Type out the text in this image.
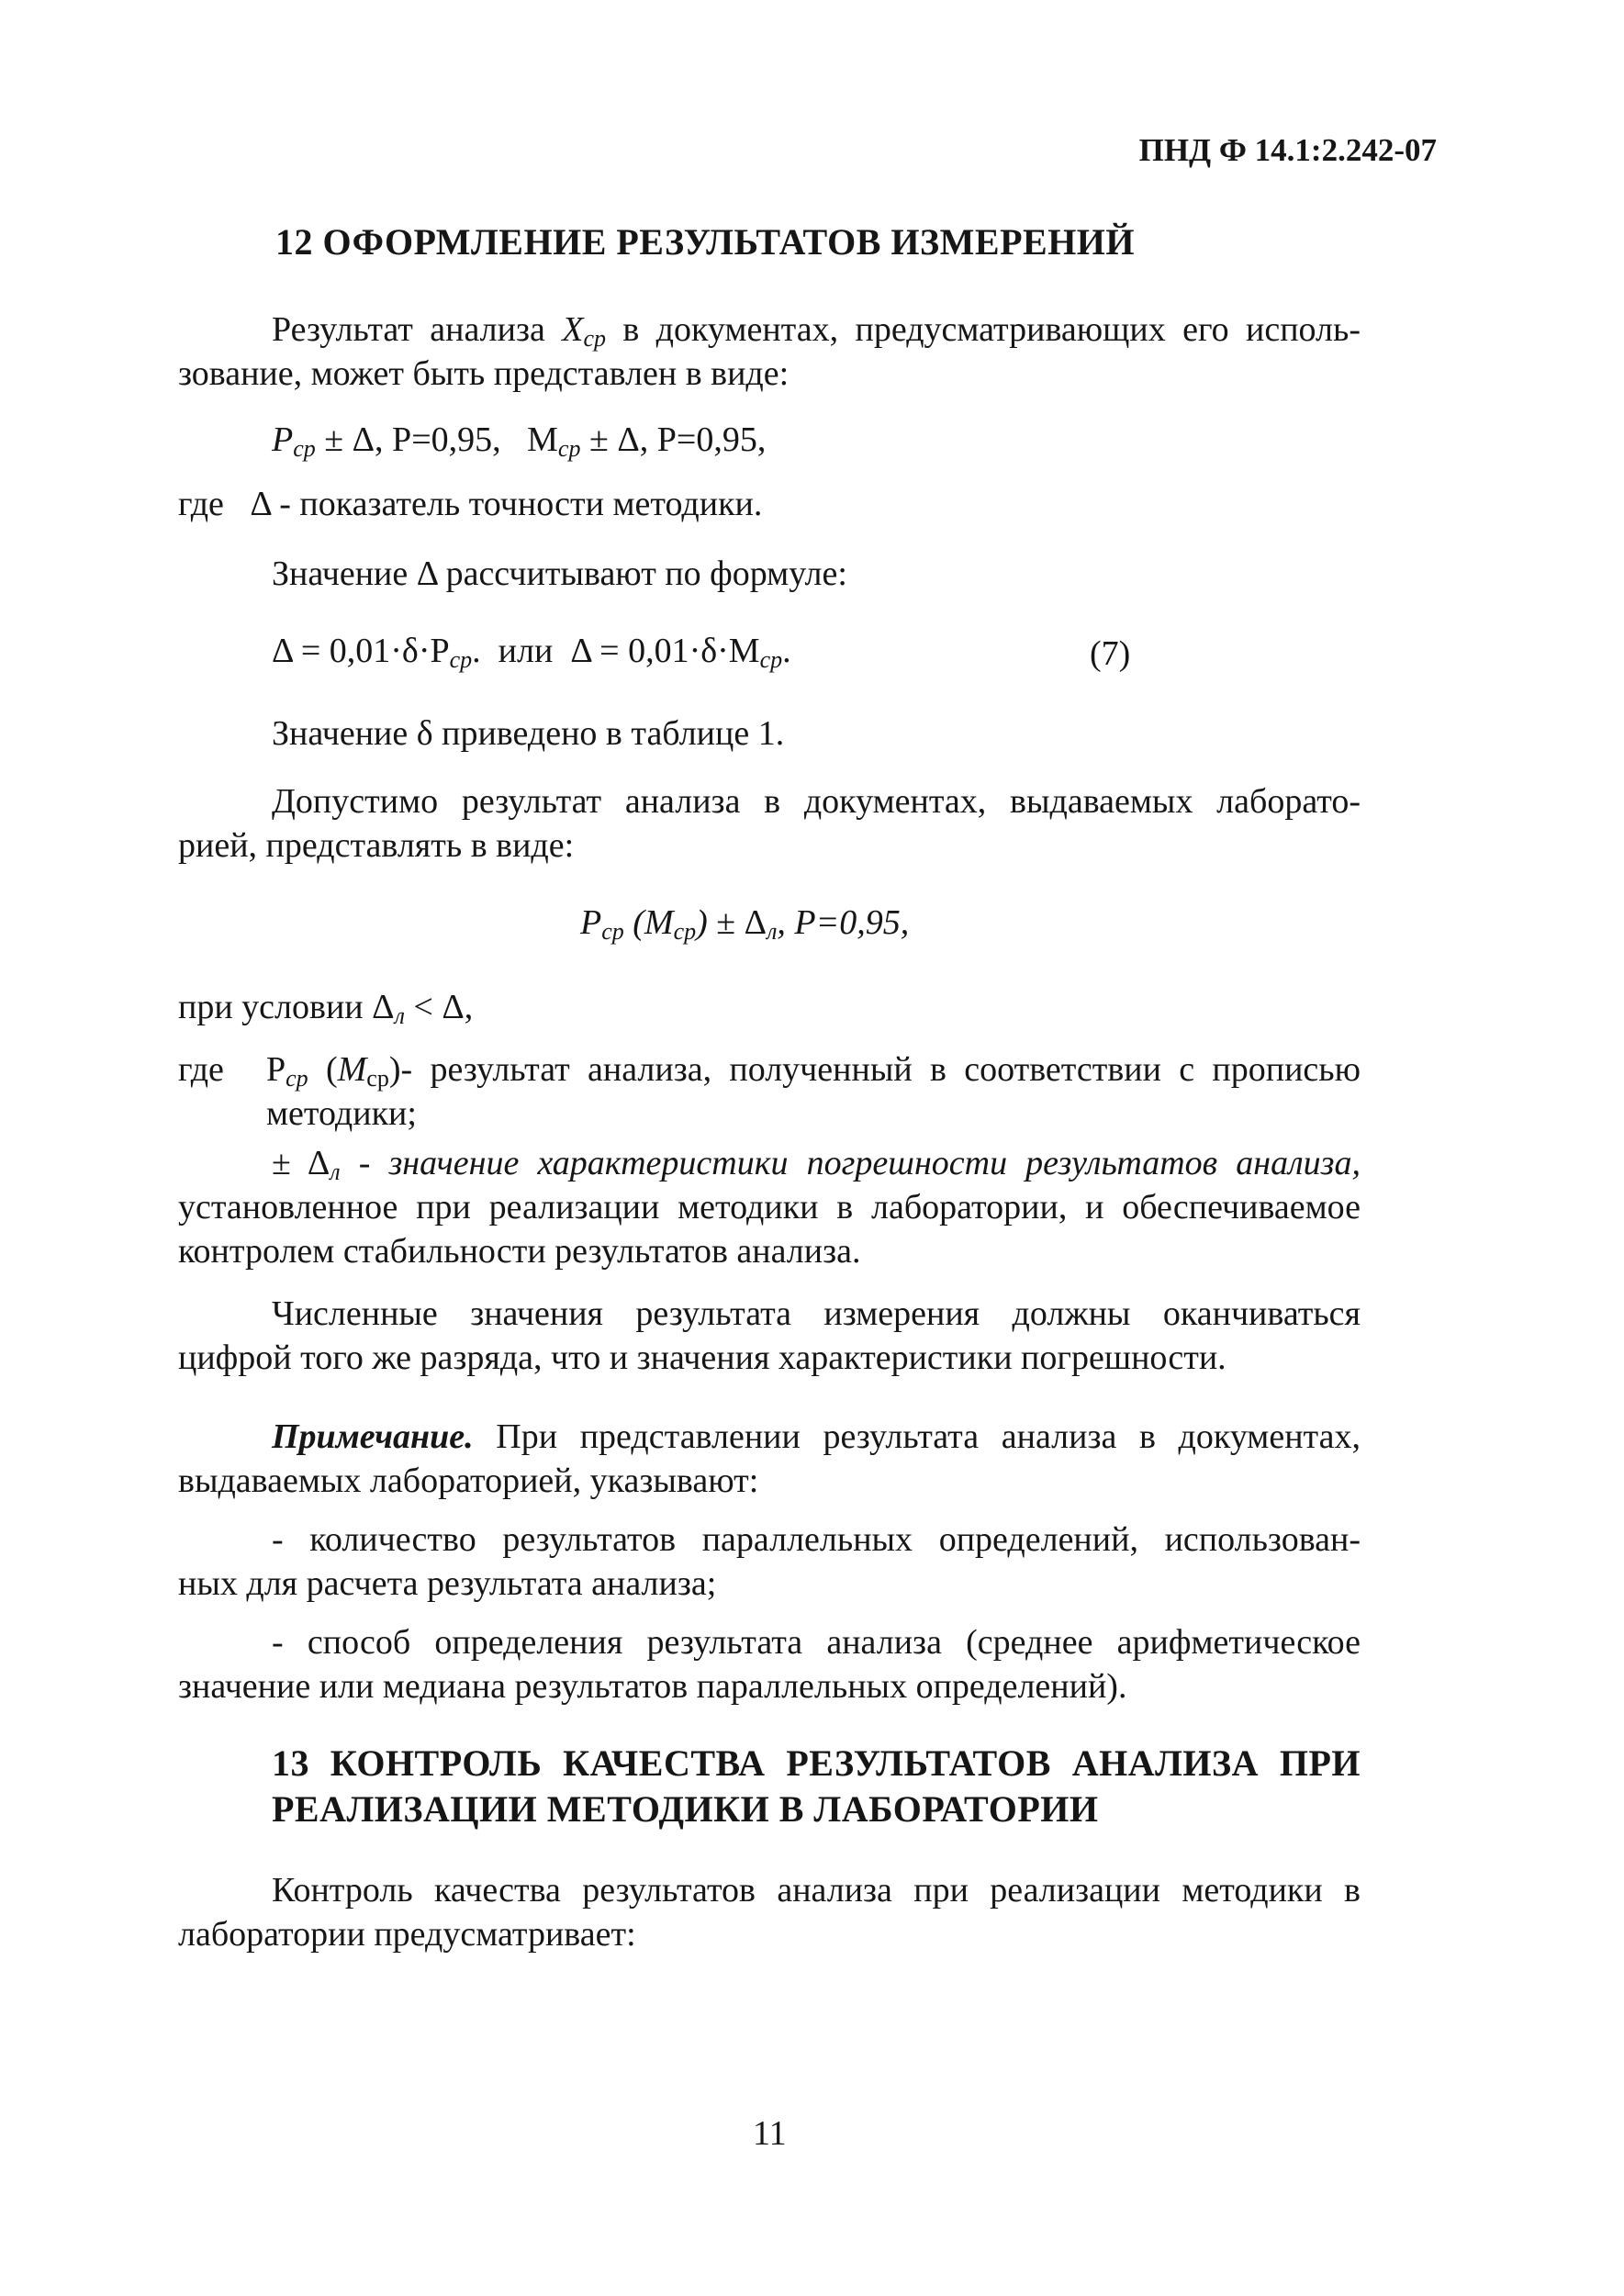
ПНД Ф 14.1:2.242-07
12 ОФОРМЛЕНИЕ РЕЗУЛЬТАТОВ ИЗМЕРЕНИЙ
Результат анализа $X_{ср}$ в документах, предусматривающих его исполь-
зование, может быть представлен в виде:
$P_{ср} \pm \Delta$, Р=0,95, $M_{ср} \pm \Delta$, Р=0,95,
где Δ - показатель точности методики.
Значение Δ рассчитывают по формуле:
$\Delta = 0,01\cdot\delta\cdot Р_{ср}$. или $\Delta = 0,01\cdot\delta\cdot М_{ср}$.	(7)
Значение δ приведено в таблице 1.
Допустимо результат анализа в документах, выдаваемых лаборато-
рией, представлять в виде:
$P_{ср}$ $(M_{ср}) \pm \Delta_л$, Р=0,95,
при условии $\Delta_л < \Delta$,
где $Р_{ср}$ $(М_{ср})-$ результат анализа, полученный в соответствии с прописью
методики;
± $\Delta_л$ - значение характеристики погрешности результатов анализа,
установленное при реализации методики в лаборатории, и обеспечиваемое
контролем стабильности результатов анализа.
Численные значения результата измерения должны оканчиваться
цифрой того же разряда, что и значения характеристики погрешности.
Примечание. При представлении результата анализа в документах,
выдаваемых лабораторией, указывают:
- количество результатов параллельных определений, использован-
ных для расчета результата анализа;
- способ определения результата анализа (среднее арифметическое
значение или медиана результатов параллельных определений).
13 КОНТРОЛЬ КАЧЕСТВА РЕЗУЛЬТАТОВ АНАЛИЗА ПРИ
РЕАЛИЗАЦИИ МЕТОДИКИ В ЛАБОРАТОРИИ
Контроль качества результатов анализа при реализации методики в
лаборатории предусматривает:
11
